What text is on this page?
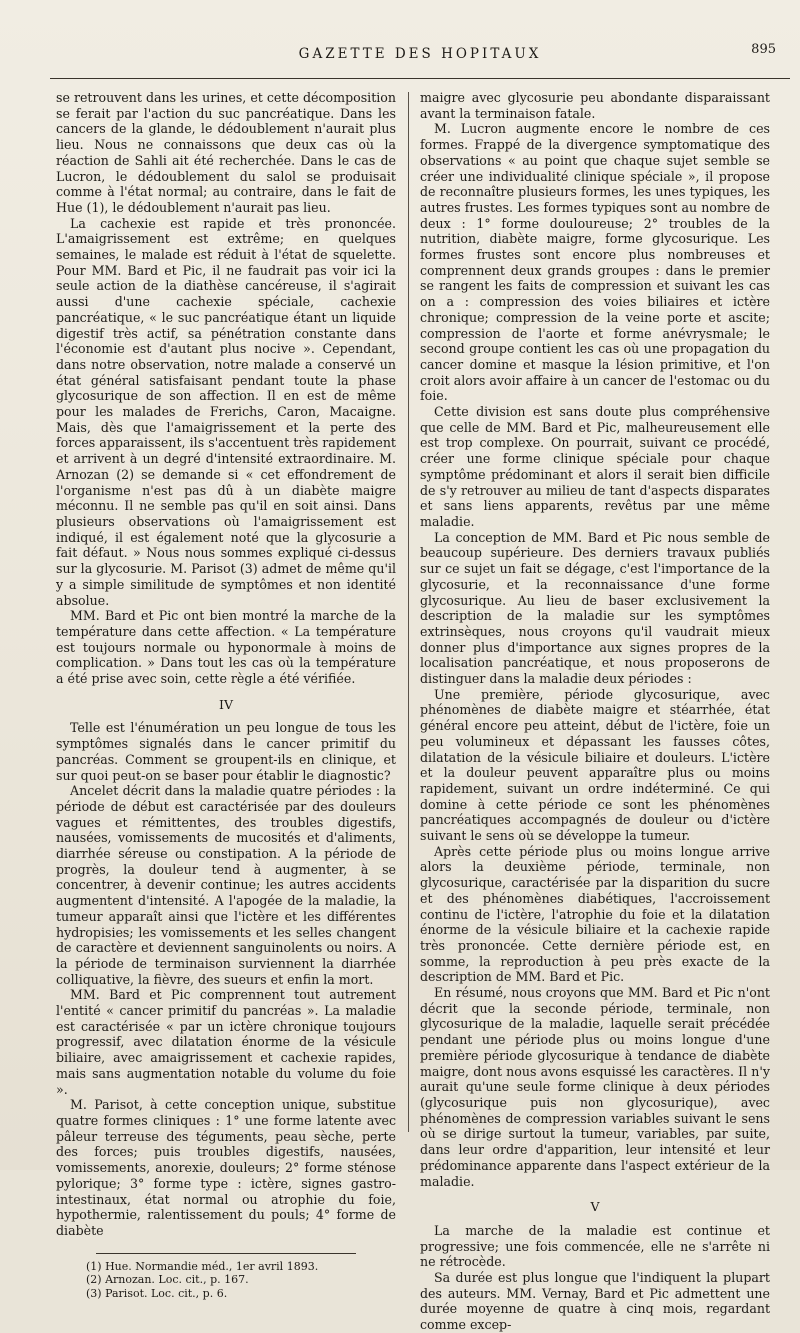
GAZETTE DES HOPITAUX	895

se retrouvent dans les urines, et cette décomposition se ferait par l'action du suc pancréatique. Dans les cancers de la glande, le dédoublement n'aurait plus lieu. Nous ne connaissons que deux cas où la réaction de Sahli ait été recherchée. Dans le cas de Lucron, le dédoublement du salol se produisait comme à l'état normal; au contraire, dans le fait de Hue (1), le dédoublement n'aurait pas lieu.

La cachexie est rapide et très prononcée. L'amaigrissement est extrême; en quelques semaines, le malade est réduit à l'état de squelette. Pour MM. Bard et Pic, il ne faudrait pas voir ici la seule action de la diathèse cancéreuse, il s'agirait aussi d'une cachexie spéciale, cachexie pancréatique, « le suc pancréatique étant un liquide digestif très actif, sa pénétration constante dans l'économie est d'autant plus nocive ». Cependant, dans notre observation, notre malade a conservé un état général satisfaisant pendant toute la phase glycosurique de son affection. Il en est de même pour les malades de Frerichs, Caron, Macaigne. Mais, dès que l'amaigrissement et la perte des forces apparaissent, ils s'accentuent très rapidement et arrivent à un degré d'intensité extraordinaire. M. Arnozan (2) se demande si « cet effondrement de l'organisme n'est pas dû à un diabète maigre méconnu. Il ne semble pas qu'il en soit ainsi. Dans plusieurs observations où l'amaigrissement est indiqué, il est également noté que la glycosurie a fait défaut. » Nous nous sommes expliqué ci-dessus sur la glycosurie. M. Parisot (3) admet de même qu'il y a simple similitude de symptômes et non identité absolue.

MM. Bard et Pic ont bien montré la marche de la température dans cette affection. « La température est toujours normale ou hyponormale à moins de complication. » Dans tout les cas où la température a été prise avec soin, cette règle a été vérifiée.

IV

Telle est l'énumération un peu longue de tous les symptômes signalés dans le cancer primitif du pancréas. Comment se groupent-ils en clinique, et sur quoi peut-on se baser pour établir le diagnostic?

Ancelet décrit dans la maladie quatre périodes : la période de début est caractérisée par des douleurs vagues et rémittentes, des troubles digestifs, nausées, vomissements de mucosités et d'aliments, diarrhée séreuse ou constipation. A la période de progrès, la douleur tend à augmenter, à se concentrer, à devenir continue; les autres accidents augmentent d'intensité. A l'apogée de la maladie, la tumeur apparaît ainsi que l'ictère et les différentes hydropisies; les vomissements et les selles changent de caractère et deviennent sanguinolents ou noirs. A la période de terminaison surviennent la diarrhée colliquative, la fièvre, des sueurs et enfin la mort.

MM. Bard et Pic comprennent tout autrement l'entité « cancer primitif du pancréas ». La maladie est caractérisée « par un ictère chronique toujours progressif, avec dilatation énorme de la vésicule biliaire, avec amaigrissement et cachexie rapides, mais sans augmentation notable du volume du foie ».

M. Parisot, à cette conception unique, substitue quatre formes cliniques : 1° une forme latente avec pâleur terreuse des téguments, peau sèche, perte des forces; puis troubles digestifs, nausées, vomissements, anorexie, douleurs; 2° forme sténose pylorique; 3° forme type : ictère, signes gastro-intestinaux, état normal ou atrophie du foie, hypothermie, ralentissement du pouls; 4° forme de diabète

(1) Hue. Normandie méd., 1er avril 1893.
(2) Arnozan. Loc. cit., p. 167.
(3) Parisot. Loc. cit., p. 6.

maigre avec glycosurie peu abondante disparaissant avant la terminaison fatale.

M. Lucron augmente encore le nombre de ces formes. Frappé de la divergence symptomatique des observations « au point que chaque sujet semble se créer une individualité clinique spéciale », il propose de reconnaître plusieurs formes, les unes typiques, les autres frustes. Les formes typiques sont au nombre de deux : 1° forme douloureuse; 2° troubles de la nutrition, diabète maigre, forme glycosurique. Les formes frustes sont encore plus nombreuses et comprennent deux grands groupes : dans le premier se rangent les faits de compression et suivant les cas on a : compression des voies biliaires et ictère chronique; compression de la veine porte et ascite; compression de l'aorte et forme anévrysmale; le second groupe contient les cas où une propagation du cancer domine et masque la lésion primitive, et l'on croit alors avoir affaire à un cancer de l'estomac ou du foie.

Cette division est sans doute plus compréhensive que celle de MM. Bard et Pic, malheureusement elle est trop complexe. On pourrait, suivant ce procédé, créer une forme clinique spéciale pour chaque symptôme prédominant et alors il serait bien difficile de s'y retrouver au milieu de tant d'aspects disparates et sans liens apparents, revêtus par une même maladie.

La conception de MM. Bard et Pic nous semble de beaucoup supérieure. Des derniers travaux publiés sur ce sujet un fait se dégage, c'est l'importance de la glycosurie, et la reconnaissance d'une forme glycosurique. Au lieu de baser exclusivement la description de la maladie sur les symptômes extrinsèques, nous croyons qu'il vaudrait mieux donner plus d'importance aux signes propres de la localisation pancréatique, et nous proposerons de distinguer dans la maladie deux périodes :

Une première, période glycosurique, avec phénomènes de diabète maigre et stéarrhée, état général encore peu atteint, début de l'ictère, foie un peu volumineux et dépassant les fausses côtes, dilatation de la vésicule biliaire et douleurs. L'ictère et la douleur peuvent apparaître plus ou moins rapidement, suivant un ordre indéterminé. Ce qui domine à cette période ce sont les phénomènes pancréatiques accompagnés de douleur ou d'ictère suivant le sens où se développe la tumeur.

Après cette période plus ou moins longue arrive alors la deuxième période, terminale, non glycosurique, caractérisée par la disparition du sucre et des phénomènes diabétiques, l'accroissement continu de l'ictère, l'atrophie du foie et la dilatation énorme de la vésicule biliaire et la cachexie rapide très prononcée. Cette dernière période est, en somme, la reproduction à peu près exacte de la description de MM. Bard et Pic.

En résumé, nous croyons que MM. Bard et Pic n'ont décrit que la seconde période, terminale, non glycosurique de la maladie, laquelle serait précédée pendant une période plus ou moins longue d'une première période glycosurique à tendance de diabète maigre, dont nous avons esquissé les caractères. Il n'y aurait qu'une seule forme clinique à deux périodes (glycosurique puis non glycosurique), avec phénomènes de compression variables suivant le sens où se dirige surtout la tumeur, variables, par suite, dans leur ordre d'apparition, leur intensité et leur prédominance apparente dans l'aspect extérieur de la maladie.

V

La marche de la maladie est continue et progressive; une fois commencée, elle ne s'arrête ni ne rétrocède.

Sa durée est plus longue que l'indiquent la plupart des auteurs. MM. Vernay, Bard et Pic admettent une durée moyenne de quatre à cinq mois, regardant comme excep-
